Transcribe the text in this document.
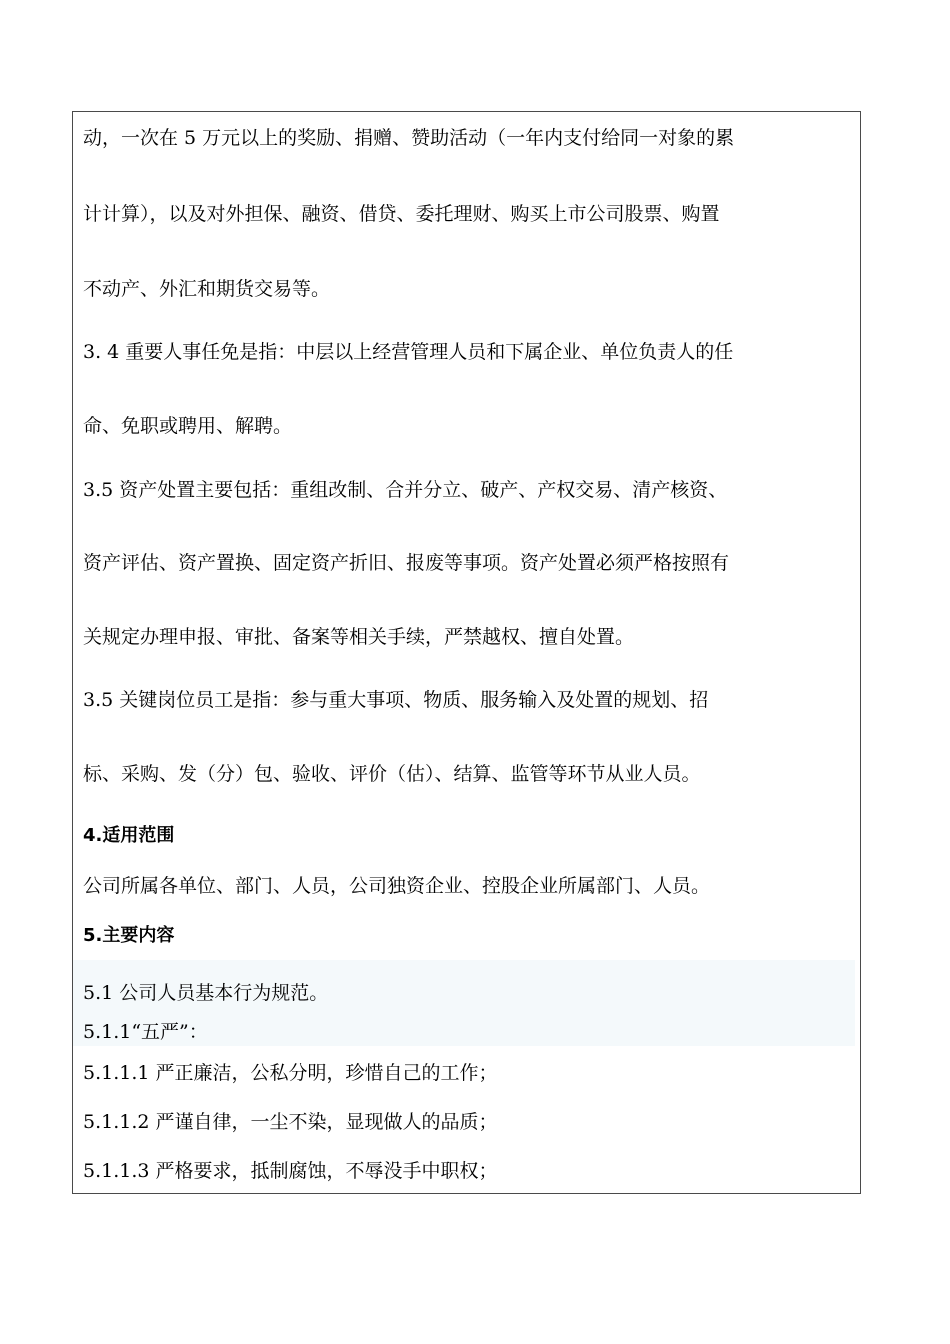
动，一次在 5 万元以上的奖励、捐赠、赞助活动（一年内支付给同一对象的累
计计算），以及对外担保、融资、借贷、委托理财、购买上市公司股票、购置
不动产、外汇和期货交易等。
3. 4 重要人事任免是指：中层以上经营管理人员和下属企业、单位负责人的任
命、免职或聘用、解聘。
3.5 资产处置主要包括：重组改制、合并分立、破产、产权交易、清产核资、
资产评估、资产置换、固定资产折旧、报废等事项。资产处置必须严格按照有
关规定办理申报、审批、备案等相关手续，严禁越权、擅自处置。
3.5 关键岗位员工是指：参与重大事项、物质、服务输入及处置的规划、招
标、采购、发（分）包、验收、评价（估）、结算、监管等环节从业人员。
4.适用范围
公司所属各单位、部门、人员，公司独资企业、控股企业所属部门、人员。
5.主要内容
5.1 公司人员基本行为规范。
5.1.1“五严”：
5.1.1.1 严正廉洁，公私分明，珍惜自己的工作；
5.1.1.2 严谨自律，一尘不染，显现做人的品质；
5.1.1.3 严格要求，抵制腐蚀，不辱没手中职权；
